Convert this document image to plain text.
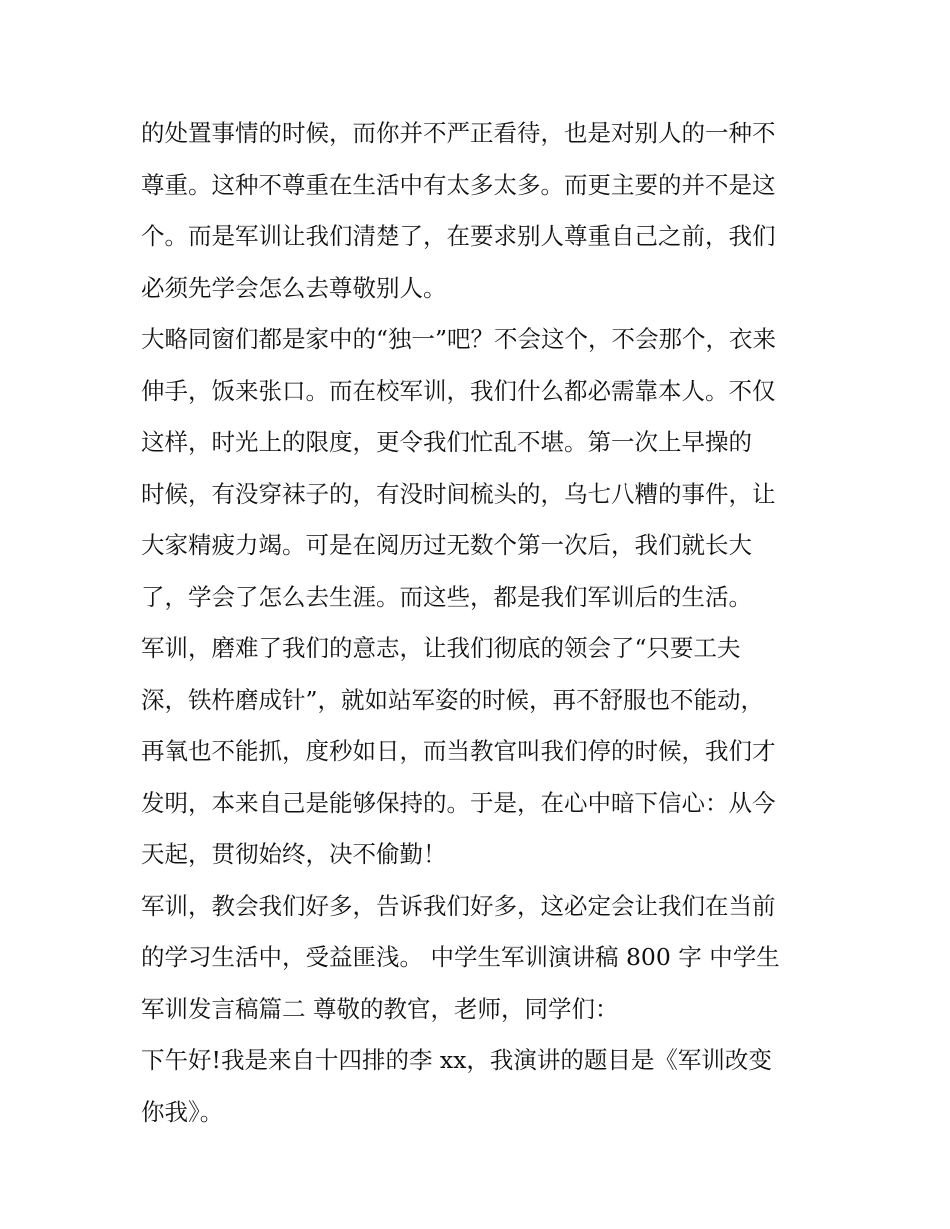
的处置事情的时候，而你并不严正看待，也是对别人的一种不
尊重。这种不尊重在生活中有太多太多。而更主要的并不是这
个。而是军训让我们清楚了，在要求别人尊重自己之前，我们
必须先学会怎么去尊敬别人。
大略同窗们都是家中的“独一”吧？不会这个，不会那个，衣来
伸手，饭来张口。而在校军训，我们什么都必需靠本人。不仅
这样，时光上的限度，更令我们忙乱不堪。第一次上早操的
时候，有没穿袜子的，有没时间梳头的，乌七八糟的事件，让
大家精疲力竭。可是在阅历过无数个第一次后，我们就长大
了，学会了怎么去生涯。而这些，都是我们军训后的生活。
军训，磨难了我们的意志，让我们彻底的领会了“只要工夫
深，铁杵磨成针”，就如站军姿的时候，再不舒服也不能动，
再氧也不能抓，度秒如日，而当教官叫我们停的时候，我们才
发明，本来自己是能够保持的。于是，在心中暗下信心：从今
天起，贯彻始终，决不偷勤！
军训，教会我们好多，告诉我们好多，这必定会让我们在当前
的学习生活中，受益匪浅。 中学生军训演讲稿 800 字 中学生
军训发言稿篇二 尊敬的教官，老师，同学们：
下午好!我是来自十四排的李 xx，我演讲的题目是《军训改变
你我》。
